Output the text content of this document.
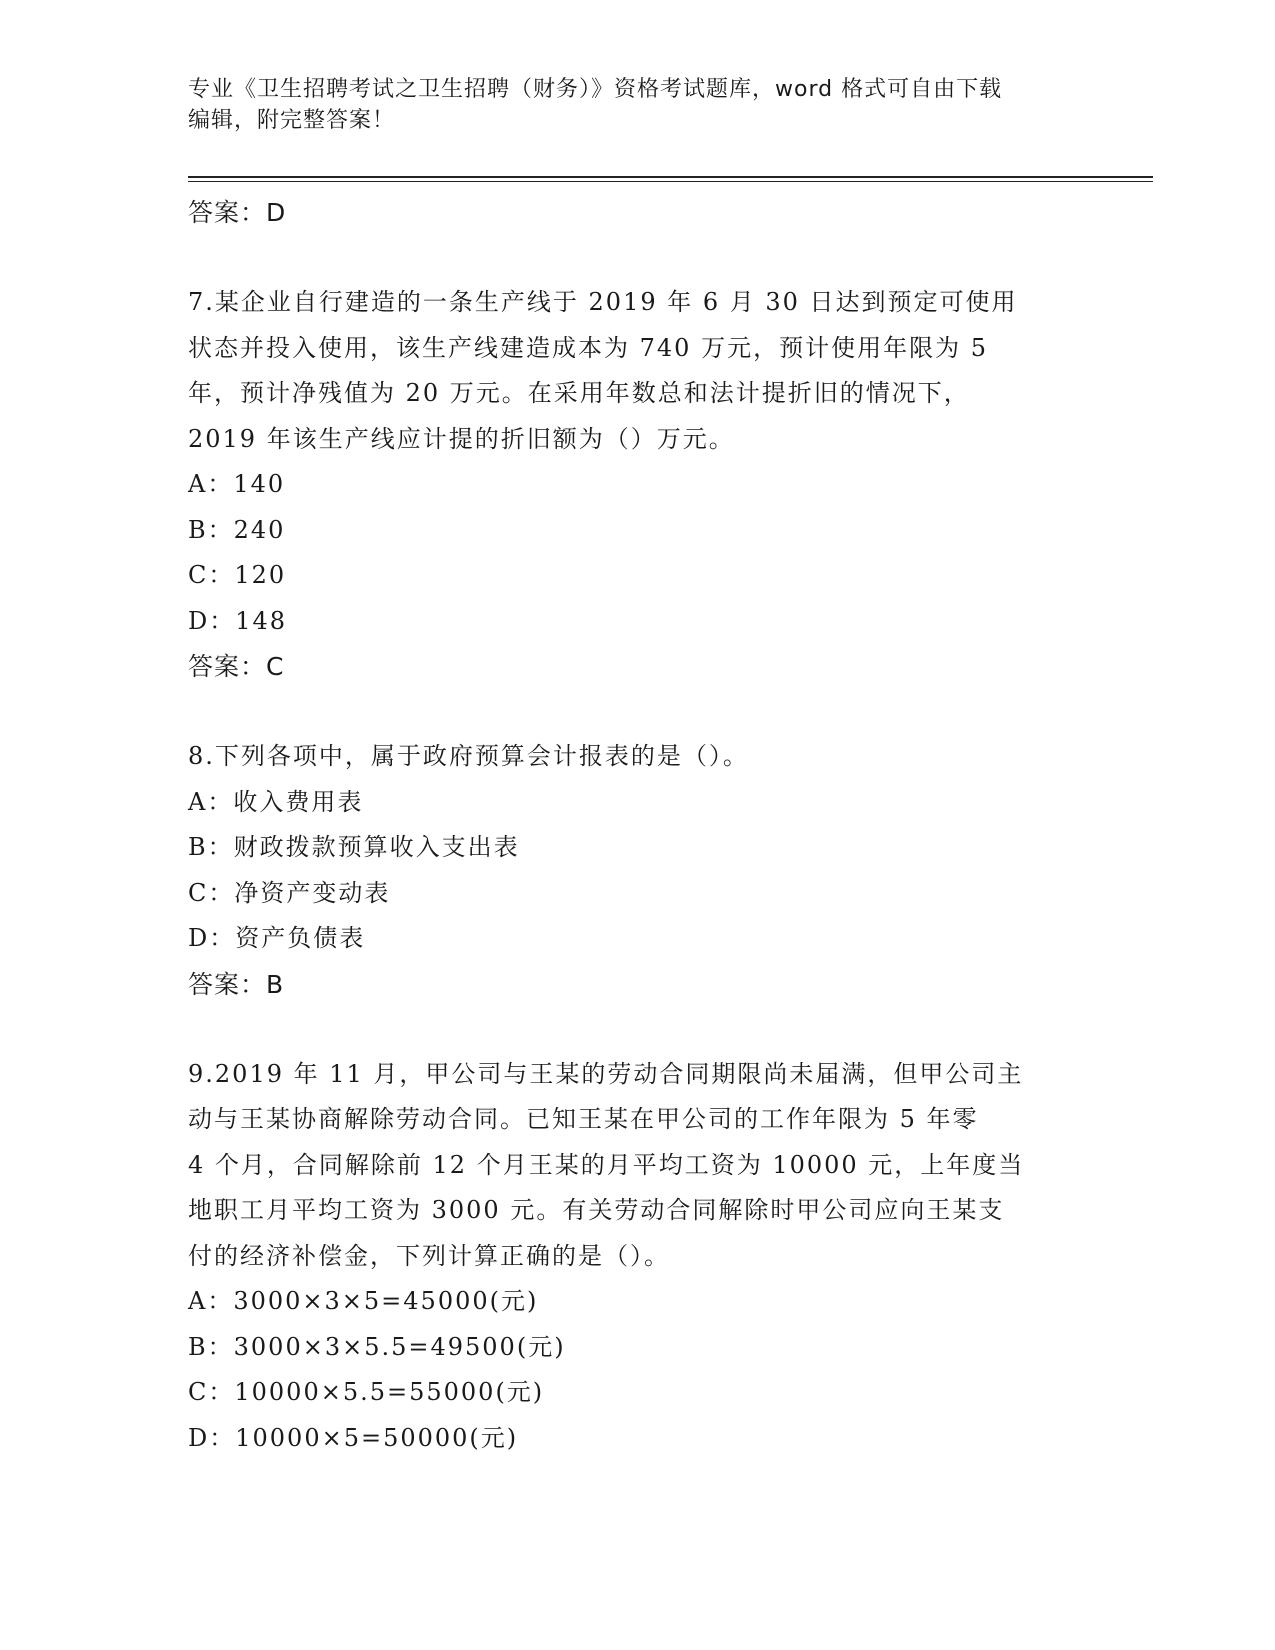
专业《卫生招聘考试之卫生招聘（财务）》资格考试题库，word 格式可自由下载
编辑，附完整答案！
答案：D
7.某企业自行建造的一条生产线于 2019 年 6 月 30 日达到预定可使用
状态并投入使用，该生产线建造成本为 740 万元，预计使用年限为 5
年，预计净残值为 20 万元。在采用年数总和法计提折旧的情况下，
2019 年该生产线应计提的折旧额为（）万元。
A：140
B：240
C：120
D：148
答案：C
8.下列各项中，属于政府预算会计报表的是（）。
A：收入费用表
B：财政拨款预算收入支出表
C：净资产变动表
D：资产负债表
答案：B
9.2019 年 11 月，甲公司与王某的劳动合同期限尚未届满，但甲公司主
动与王某协商解除劳动合同。已知王某在甲公司的工作年限为 5 年零
4 个月，合同解除前 12 个月王某的月平均工资为 10000 元，上年度当
地职工月平均工资为 3000 元。有关劳动合同解除时甲公司应向王某支
付的经济补偿金，下列计算正确的是（）。
A：3000×3×5=45000(元)
B：3000×3×5.5=49500(元)
C：10000×5.5=55000(元)
D：10000×5=50000(元)
